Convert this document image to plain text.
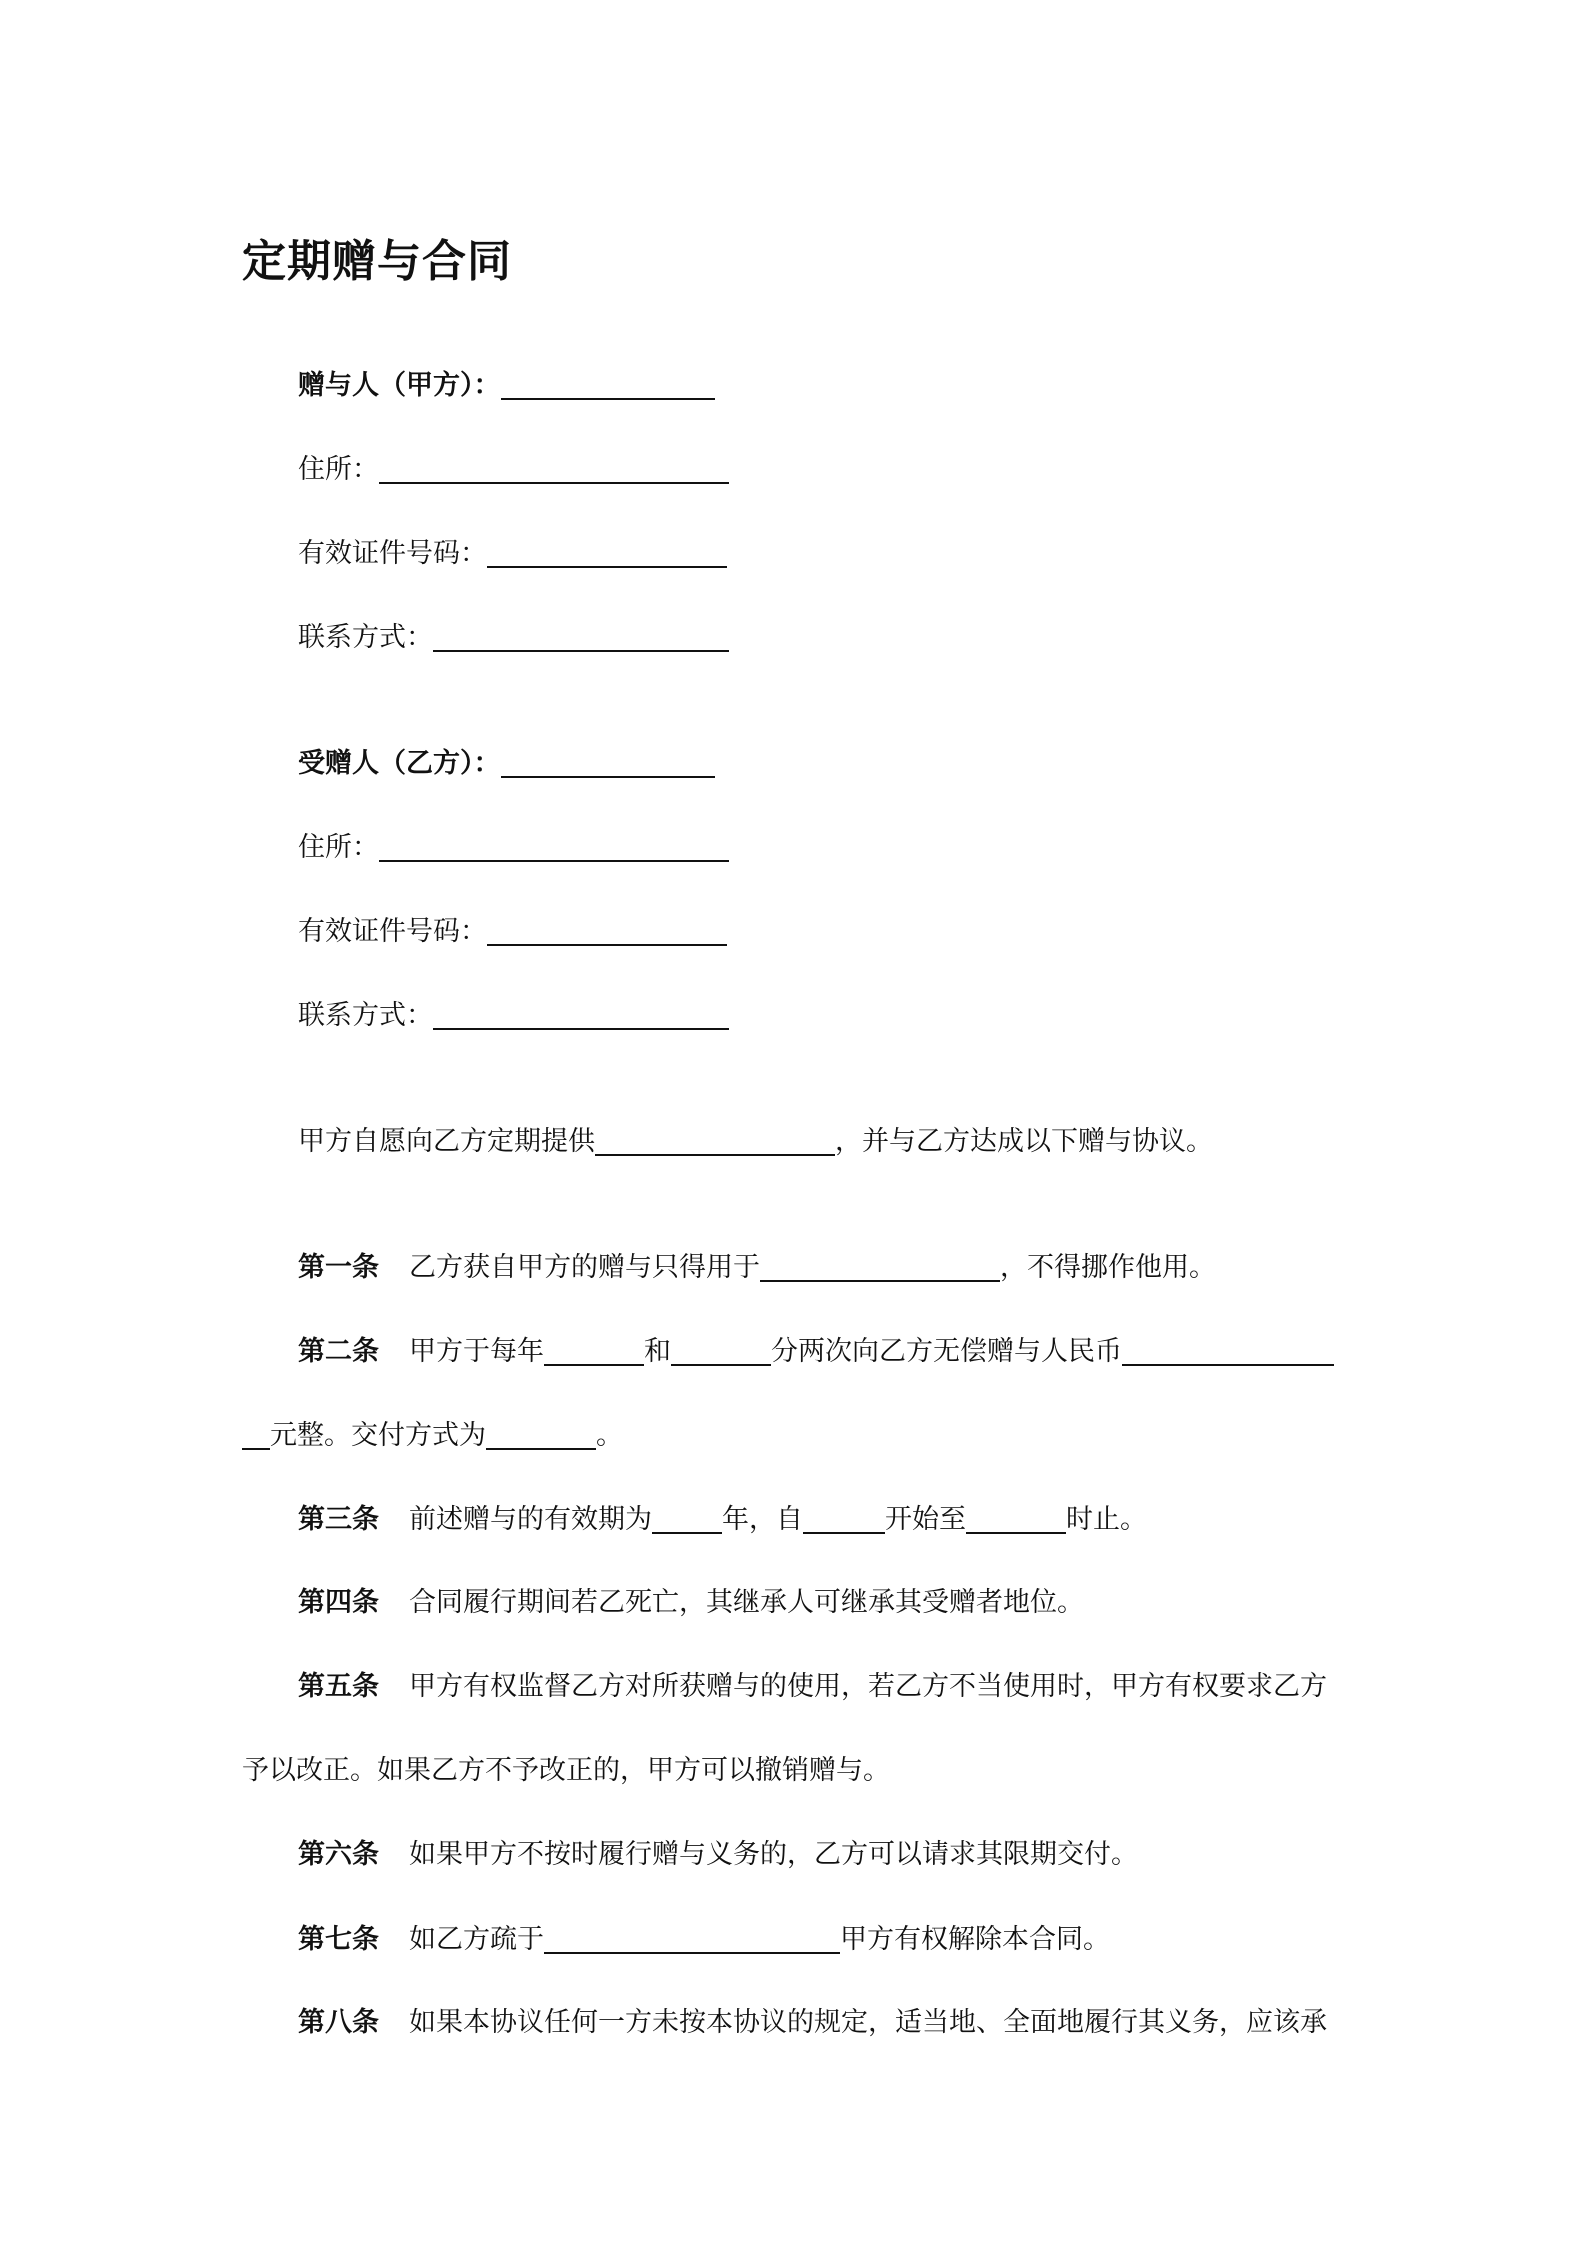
定期赠与合同
赠与人（甲方）：
住所：
有效证件号码：
联系方式：
受赠人（乙方）：
住所：
有效证件号码：
联系方式：
甲方自愿向乙方定期提供	，并与乙方达成以下赠与协议。
第一条 乙方获自甲方的赠与只得用于	，不得挪作他用。
第二条 甲方于每年	和	分两次向乙方无偿赠与人民币
元整。交付方式为	。
第三条 前述赠与的有效期为	年，自	开始至	时止。
第四条 合同履行期间若乙死亡，其继承人可继承其受赠者地位。
第五条 甲方有权监督乙方对所获赠与的使用，若乙方不当使用时，甲方有权要求乙方
予以改正。如果乙方不予改正的，甲方可以撤销赠与。
第六条 如果甲方不按时履行赠与义务的，乙方可以请求其限期交付。
第七条 如乙方疏于	甲方有权解除本合同。
第八条 如果本协议任何一方未按本协议的规定，适当地、全面地履行其义务，应该承
